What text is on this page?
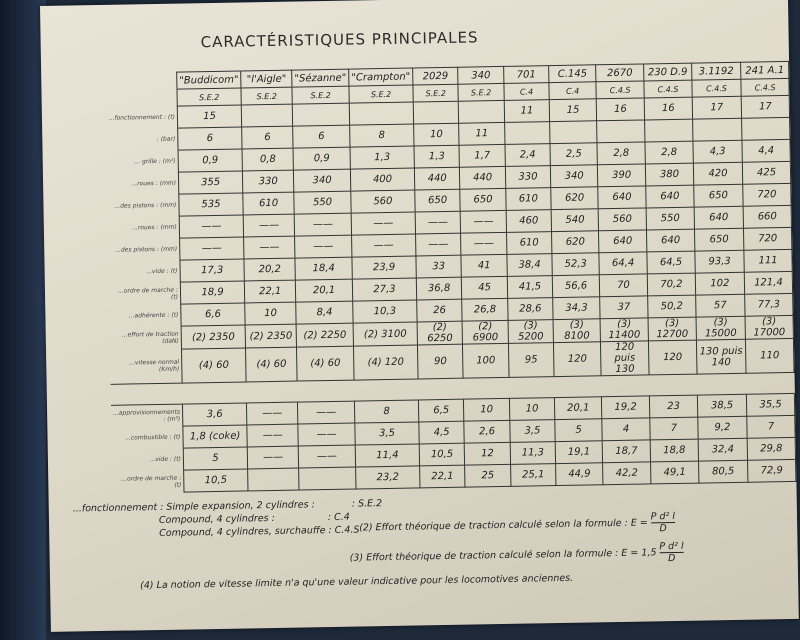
CARACTÉRISTIQUES PRINCIPALES
	"Buddicom"	"l'Aigle"	"Sézanne"	"Crampton"	2029	340	701	C.145	2670	230 D.9	3.1192	241 A.1
	S.E.2	S.E.2	S.E.2	S.E.2	S.E.2	S.E.2	C.4	C.4	C.4.S	C.4.S	C.4.S	C.4.S
...fonctionnement : (t)	15						11	15	16	16	17	17
: (bar)	6	6	6	8	10	11						
... grille : (m²)	0,9	0,8	0,9	1,3	1,3	1,7	2,4	2,5	2,8	2,8	4,3	4,4
...roues : (mm)	355	330	340	400	440	440	330	340	390	380	420	425
...des pistons : (mm)	535	610	550	560	650	650	610	620	640	640	650	720
...roues : (mm)	——	——	——	——	——	——	460	540	560	550	640	660
...des pistons : (mm)	——	——	——	——	——	——	610	620	640	640	650	720
...vide : (t)	17,3	20,2	18,4	23,9	33	41	38,4	52,3	64,4	64,5	93,3	111
...ordre de marche : (t)	18,9	22,1	20,1	27,3	36,8	45	41,5	56,6	70	70,2	102	121,4
...adhérente : (t)	6,6	10	8,4	10,3	26	26,8	28,6	34,3	37	50,2	57	77,3
...effort de traction (daN)	(2) 2350	(2) 2350	(2) 2250	(2) 3100	(2) 6250	(2) 6900	(3) 5200	(3) 8100	(3) 11400	(3) 12700	(3) 15000	(3) 17000
...vitesse normal (Km/h)	(4) 60	(4) 60	(4) 60	(4) 120	90	100	95	120	120 puis 130	120	130 puis 140	110

...approvisionnements : (m³)	3,6	——	——	8	6,5	10	10	20,1	19,2	23	38,5	35,5
...combustible : (t)	1,8 (coke)	——	——	3,5	4,5	2,6	3,5	5	4	7	9,2	7
...vide : (t)	5	——	——	11,4	10,5	12	11,3	19,1	18,7	18,8	32,4	29,8
...ordre de marche : (t)	10,5			23,2	22,1	25	25,1	44,9	42,2	49,1	80,5	72,9
...fonctionnement : Simple expansion, 2 cylindres :	: S.E.2
Compound, 4 cylindres :	: C.4
Compound, 4 cylindres, surchauffe : C.4.S (2) Effort théorique de traction calculé selon la formule : $E = \frac{\text{P d² l}}{D}$
(3) Effort théorique de traction calculé selon la formule : $E = 1,5 \frac{\text{P d² l}}{D}$
(4) La notion de vitesse limite n'a qu'une valeur indicative pour les locomotives anciennes.
